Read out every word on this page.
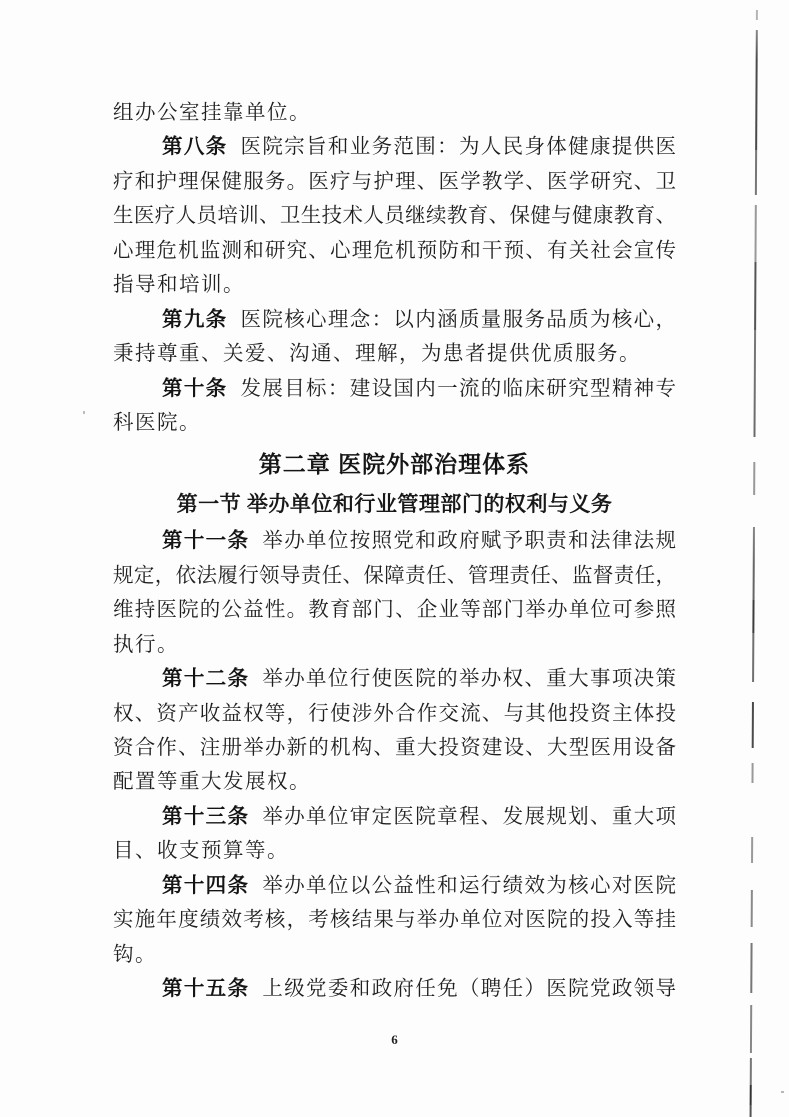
组办公室挂靠单位。
第八条 医院宗旨和业务范围：为人民身体健康提供医
疗和护理保健服务。医疗与护理、医学教学、医学研究、卫
生医疗人员培训、卫生技术人员继续教育、保健与健康教育、
心理危机监测和研究、心理危机预防和干预、有关社会宣传
指导和培训。
第九条 医院核心理念：以内涵质量服务品质为核心，
秉持尊重、关爱、沟通、理解，为患者提供优质服务。
第十条 发展目标：建设国内一流的临床研究型精神专
科医院。
第二章 医院外部治理体系
第一节 举办单位和行业管理部门的权利与义务
第十一条 举办单位按照党和政府赋予职责和法律法规
规定，依法履行领导责任、保障责任、管理责任、监督责任，
维持医院的公益性。教育部门、企业等部门举办单位可参照
执行。
第十二条 举办单位行使医院的举办权、重大事项决策
权、资产收益权等，行使涉外合作交流、与其他投资主体投
资合作、注册举办新的机构、重大投资建设、大型医用设备
配置等重大发展权。
第十三条 举办单位审定医院章程、发展规划、重大项
目、收支预算等。
第十四条 举办单位以公益性和运行绩效为核心对医院
实施年度绩效考核，考核结果与举办单位对医院的投入等挂
钩。
第十五条 上级党委和政府任免（聘任）医院党政领导
6
